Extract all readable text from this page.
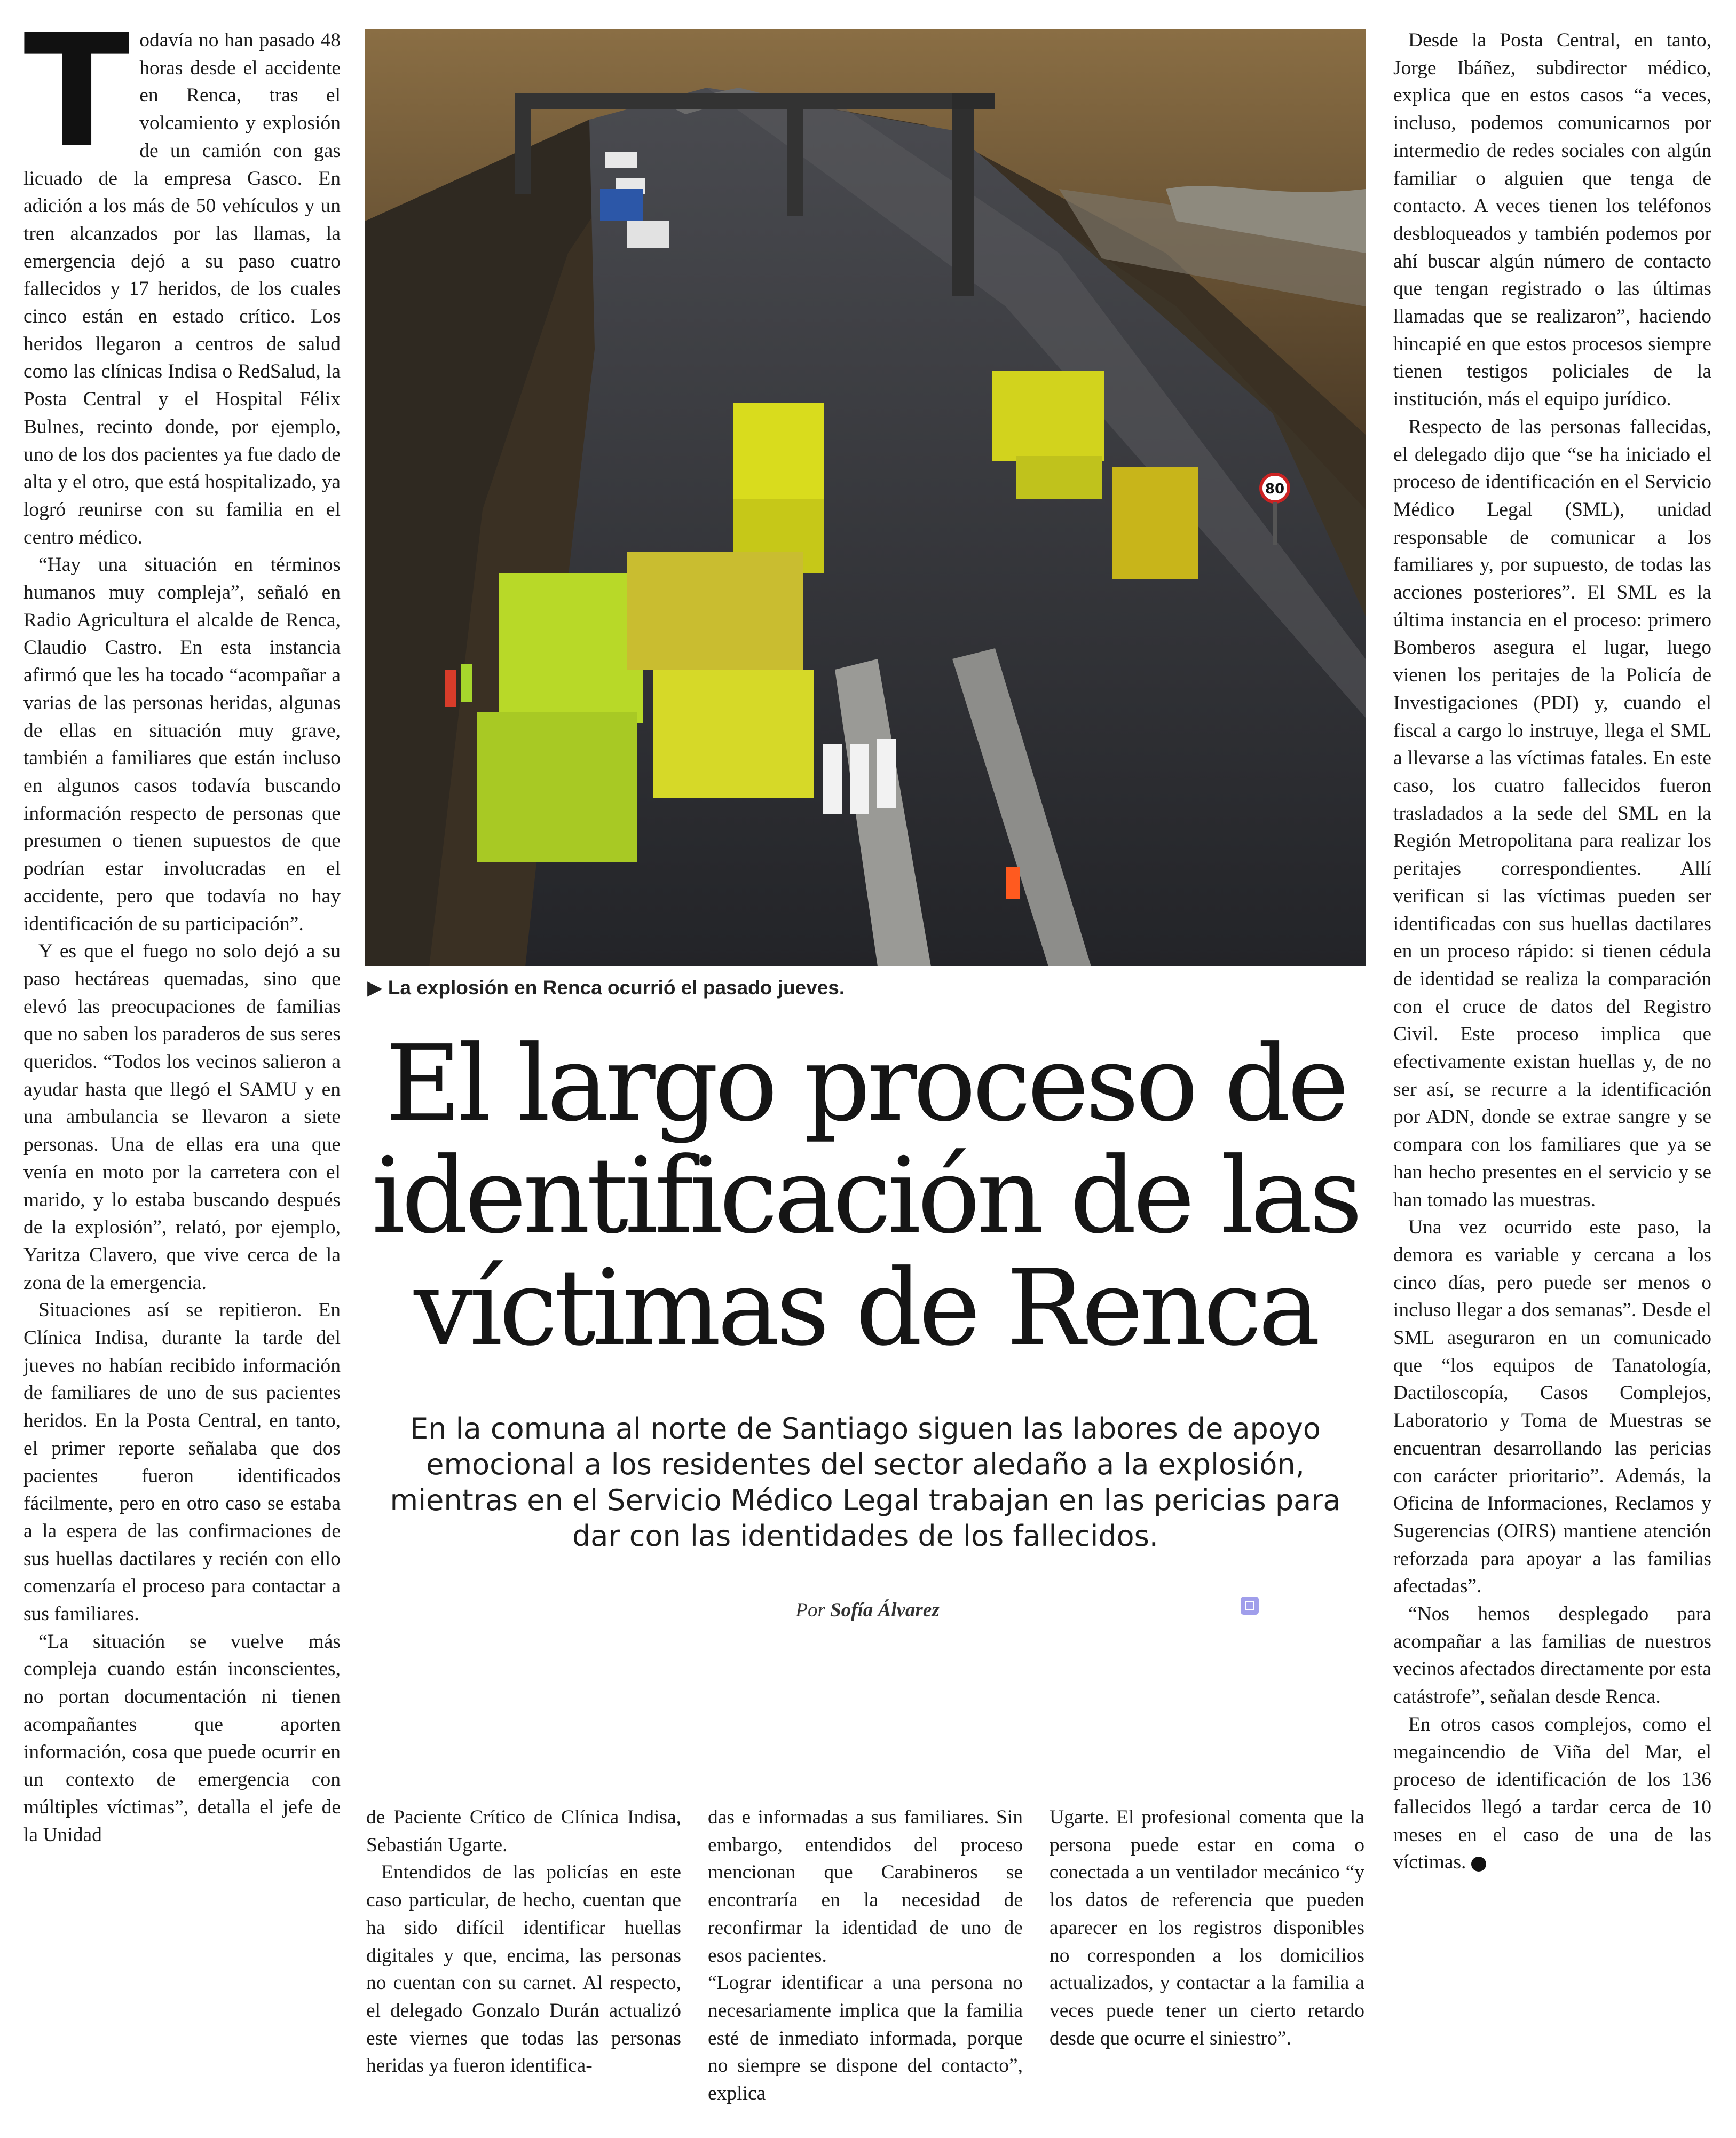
Todavía no han pasado 48 horas desde el accidente en Renca, tras el volcamiento y explosión de un camión con gas licuado de la empresa Gasco. En adición a los más de 50 vehículos y un tren alcanzados por las llamas, la emergencia dejó a su paso cuatro fallecidos y 17 heridos, de los cuales cinco están en estado crítico. Los heridos llegaron a centros de salud como las clínicas Indisa o RedSalud, la Posta Central y el Hospital Félix Bulnes, recinto donde, por ejemplo, uno de los dos pacientes ya fue dado de alta y el otro, que está hospitalizado, ya logró reunirse con su familia en el centro médico.

“Hay una situación en términos humanos muy compleja”, señaló en Radio Agricultura el alcalde de Renca, Claudio Castro. En esta instancia afirmó que les ha tocado “acompañar a varias de las personas heridas, algunas de ellas en situación muy grave, también a familiares que están incluso en algunos casos todavía buscando información respecto de personas que presumen o tienen supuestos de que podrían estar involucradas en el accidente, pero que todavía no hay identificación de su participación”.

Y es que el fuego no solo dejó a su paso hectáreas quemadas, sino que elevó las preocupaciones de familias que no saben los paraderos de sus seres queridos. “Todos los vecinos salieron a ayudar hasta que llegó el SAMU y en una ambulancia se llevaron a siete personas. Una de ellas era una que venía en moto por la carretera con el marido, y lo estaba buscando después de la explosión”, relató, por ejemplo, Yaritza Clavero, que vive cerca de la zona de la emergencia.

Situaciones así se repitieron. En Clínica Indisa, durante la tarde del jueves no habían recibido información de familiares de uno de sus pacientes heridos. En la Posta Central, en tanto, el primer reporte señalaba que dos pacientes fueron identificados fácilmente, pero en otro caso se estaba a la espera de las confirmaciones de sus huellas dactilares y recién con ello comenzaría el proceso para contactar a sus familiares.

“La situación se vuelve más compleja cuando están inconscientes, no portan documentación ni tienen acompañantes que aporten información, cosa que puede ocurrir en un contexto de emergencia con múltiples víctimas”, detalla el jefe de la Unidad

80
▶ La explosión en Renca ocurrió el pasado jueves.
El largo proceso de
identificación de las
víctimas de Renca

En la comuna al norte de Santiago siguen las labores de apoyo emocional a los residentes del sector aledaño a la explosión, mientras en el Servicio Médico Legal trabajan en las pericias para dar con las identidades de los fallecidos.

Por Sofía Álvarez

de Paciente Crítico de Clínica Indisa, Sebastián Ugarte.

Entendidos de las policías en este caso particular, de hecho, cuentan que ha sido difícil identificar huellas digitales y que, encima, las personas no cuentan con su carnet. Al respecto, el delegado Gonzalo Durán actualizó este viernes que todas las personas heridas ya fueron identifica-

das e informadas a sus familiares. Sin embargo, entendidos del proceso mencionan que Carabineros se encontraría en la necesidad de reconfirmar la identidad de uno de esos pacientes.

“Lograr identificar a una persona no necesariamente implica que la familia esté de inmediato informada, porque no siempre se dispone del contacto”, explica

Ugarte. El profesional comenta que la persona puede estar en coma o conectada a un ventilador mecánico “y los datos de referencia que pueden aparecer en los registros disponibles no corresponden a los domicilios actualizados, y contactar a la familia a veces puede tener un cierto retardo desde que ocurre el siniestro”.

Desde la Posta Central, en tanto, Jorge Ibáñez, subdirector médico, explica que en estos casos “a veces, incluso, podemos comunicarnos por intermedio de redes sociales con algún familiar o alguien que tenga de contacto. A veces tienen los teléfonos desbloqueados y también podemos por ahí buscar algún número de contacto que tengan registrado o las últimas llamadas que se realizaron”, haciendo hincapié en que estos procesos siempre tienen testigos policiales de la institución, más el equipo jurídico.

Respecto de las personas fallecidas, el delegado dijo que “se ha iniciado el proceso de identificación en el Servicio Médico Legal (SML), unidad responsable de comunicar a los familiares y, por supuesto, de todas las acciones posteriores”. El SML es la última instancia en el proceso: primero Bomberos asegura el lugar, luego vienen los peritajes de la Policía de Investigaciones (PDI) y, cuando el fiscal a cargo lo instruye, llega el SML a llevarse a las víctimas fatales. En este caso, los cuatro fallecidos fueron trasladados a la sede del SML en la Región Metropolitana para realizar los peritajes correspondientes. Allí verifican si las víctimas pueden ser identificadas con sus huellas dactilares en un proceso rápido: si tienen cédula de identidad se realiza la comparación con el cruce de datos del Registro Civil. Este proceso implica que efectivamente existan huellas y, de no ser así, se recurre a la identificación por ADN, donde se extrae sangre y se compara con los familiares que ya se han hecho presentes en el servicio y se han tomado las muestras.

Una vez ocurrido este paso, la demora es variable y cercana a los cinco días, pero puede ser menos o incluso llegar a dos semanas”. Desde el SML aseguraron en un comunicado que “los equipos de Tanatología, Dactiloscopía, Casos Complejos, Laboratorio y Toma de Muestras se encuentran desarrollando las pericias con carácter prioritario”. Además, la Oficina de Informaciones, Reclamos y Sugerencias (OIRS) mantiene atención reforzada para apoyar a las familias afectadas”.

“Nos hemos desplegado para acompañar a las familias de nuestros vecinos afectados directamente por esta catástrofe”, señalan desde Renca.

En otros casos complejos, como el megaincendio de Viña del Mar, el proceso de identificación de los 136 fallecidos llegó a tardar cerca de 10 meses en el caso de una de las víctimas.
